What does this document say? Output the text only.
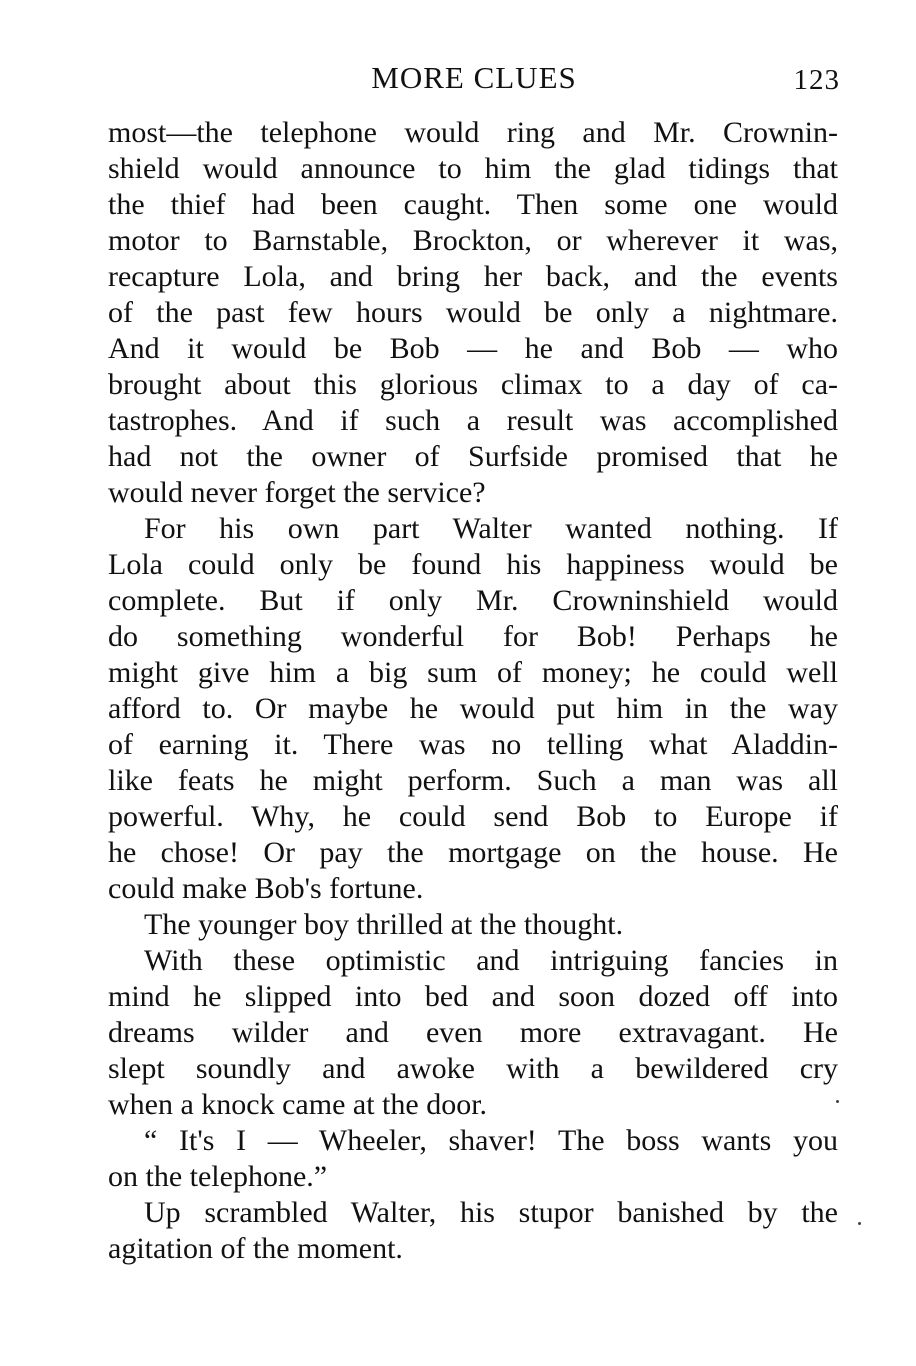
MORE CLUES	123
most—the telephone would ring and Mr. Crownin-
shield would announce to him the glad tidings that
the thief had been caught. Then some one would
motor to Barnstable, Brockton, or wherever it was,
recapture Lola, and bring her back, and the events
of the past few hours would be only a nightmare.
And it would be Bob — he and Bob — who
brought about this glorious climax to a day of ca-
tastrophes. And if such a result was accomplished
had not the owner of Surfside promised that he
would never forget the service?
For his own part Walter wanted nothing. If
Lola could only be found his happiness would be
complete. But if only Mr. Crowninshield would
do something wonderful for Bob! Perhaps he
might give him a big sum of money; he could well
afford to. Or maybe he would put him in the way
of earning it. There was no telling what Aladdin-
like feats he might perform. Such a man was all
powerful. Why, he could send Bob to Europe if
he chose! Or pay the mortgage on the house. He
could make Bob's fortune.
The younger boy thrilled at the thought.
With these optimistic and intriguing fancies in
mind he slipped into bed and soon dozed off into
dreams wilder and even more extravagant. He
slept soundly and awoke with a bewildered cry
when a knock came at the door.
“ It's I — Wheeler, shaver! The boss wants you
on the telephone.”
Up scrambled Walter, his stupor banished by the
agitation of the moment.
